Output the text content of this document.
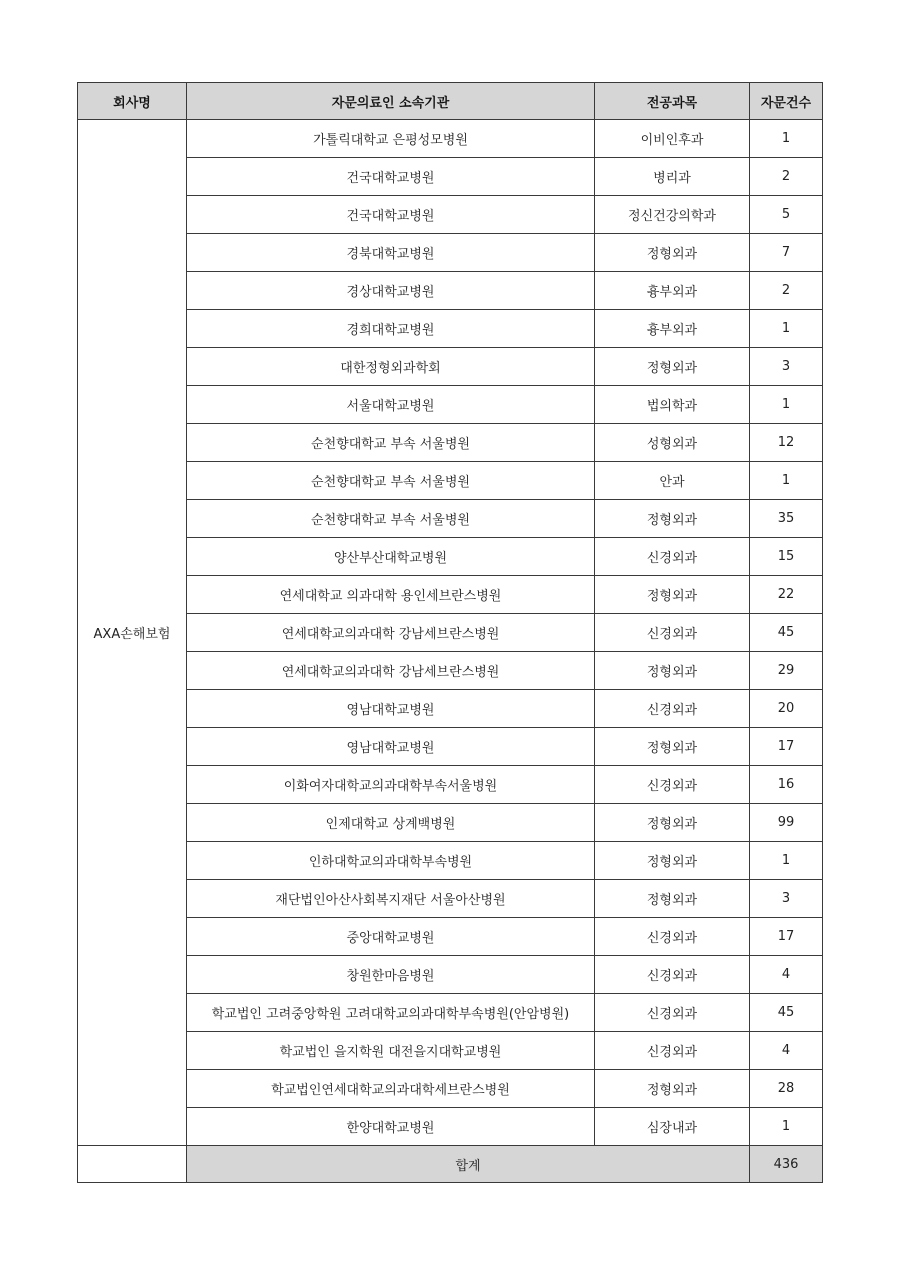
회사명	자문의료인 소속기관	전공과목	자문건수
AXA손해보험	가톨릭대학교 은평성모병원	이비인후과	1
	건국대학교병원	병리과	2
	건국대학교병원	정신건강의학과	5
	경북대학교병원	정형외과	7
	경상대학교병원	흉부외과	2
	경희대학교병원	흉부외과	1
	대한정형외과학회	정형외과	3
	서울대학교병원	법의학과	1
	순천향대학교 부속 서울병원	성형외과	12
	순천향대학교 부속 서울병원	안과	1
	순천향대학교 부속 서울병원	정형외과	35
	양산부산대학교병원	신경외과	15
	연세대학교 의과대학 용인세브란스병원	정형외과	22
	연세대학교의과대학 강남세브란스병원	신경외과	45
	연세대학교의과대학 강남세브란스병원	정형외과	29
	영남대학교병원	신경외과	20
	영남대학교병원	정형외과	17
	이화여자대학교의과대학부속서울병원	신경외과	16
	인제대학교 상계백병원	정형외과	99
	인하대학교의과대학부속병원	정형외과	1
	재단법인아산사회복지재단 서울아산병원	정형외과	3
	중앙대학교병원	신경외과	17
	창원한마음병원	신경외과	4
	학교법인 고려중앙학원 고려대학교의과대학부속병원(안암병원)	신경외과	45
	학교법인 을지학원 대전을지대학교병원	신경외과	4
	학교법인연세대학교의과대학세브란스병원	정형외과	28
	한양대학교병원	심장내과	1
	합계		436
